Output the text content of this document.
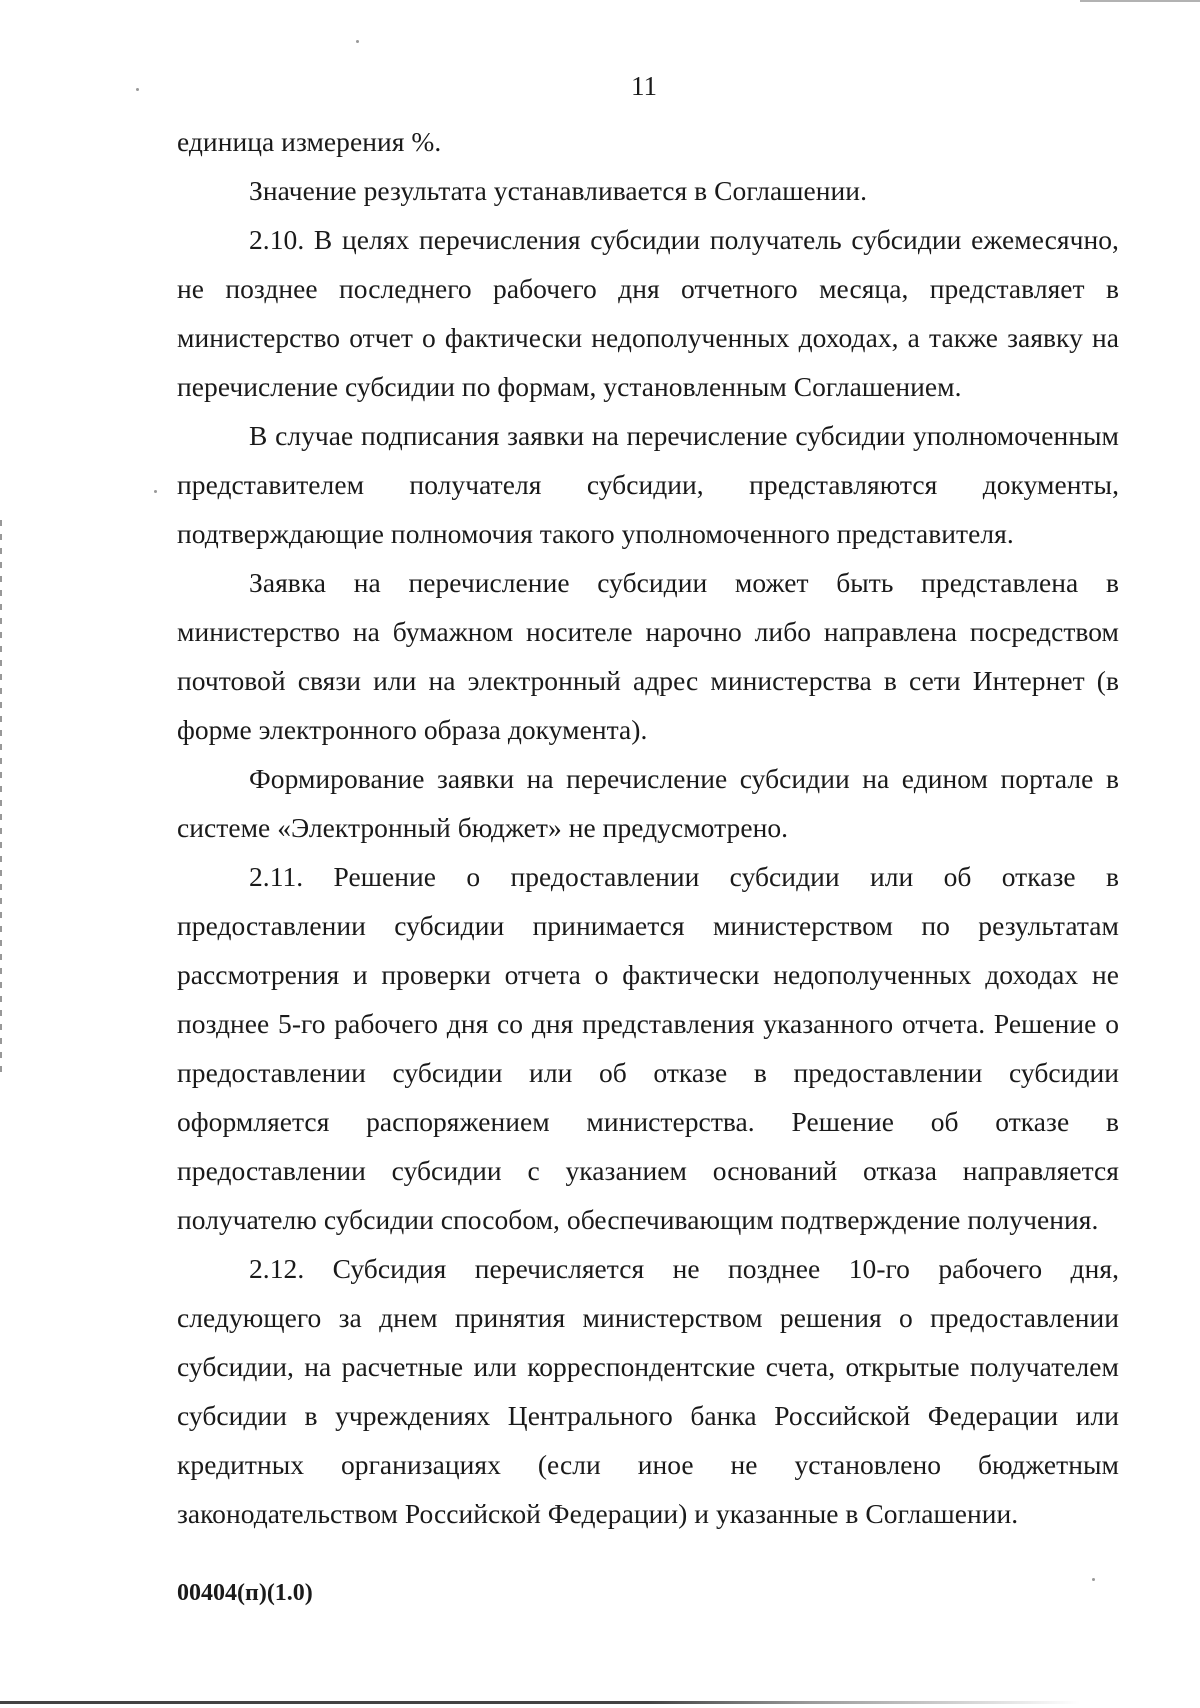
11

единица измерения %.

Значение результата устанавливается в Соглашении.

2.10. В целях перечисления субсидии получатель субсидии ежемесячно, не позднее последнего рабочего дня отчетного месяца, представляет в министерство отчет о фактически недополученных доходах, а также заявку на перечисление субсидии по формам, установленным Соглашением.

В случае подписания заявки на перечисление субсидии уполномоченным представителем получателя субсидии, представляются документы, подтверждающие полномочия такого уполномоченного представителя.

Заявка на перечисление субсидии может быть представлена в министерство на бумажном носителе нарочно либо направлена посредством почтовой связи или на электронный адрес министерства в сети Интернет (в форме электронного образа документа).

Формирование заявки на перечисление субсидии на едином портале в системе «Электронный бюджет» не предусмотрено.

2.11. Решение о предоставлении субсидии или об отказе в предоставлении субсидии принимается министерством по результатам рассмотрения и проверки отчета о фактически недополученных доходах не позднее 5-го рабочего дня со дня представления указанного отчета. Решение о предоставлении субсидии или об отказе в предоставлении субсидии оформляется распоряжением министерства. Решение об отказе в предоставлении субсидии с указанием оснований отказа направляется получателю субсидии способом, обеспечивающим подтверждение получения.

2.12. Субсидия перечисляется не позднее 10-го рабочего дня, следующего за днем принятия министерством решения о предоставлении субсидии, на расчетные или корреспондентские счета, открытые получателем субсидии в учреждениях Центрального банка Российской Федерации или кредитных организациях (если иное не установлено бюджетным законодательством Российской Федерации) и указанные в Соглашении.

00404(п)(1.0)
